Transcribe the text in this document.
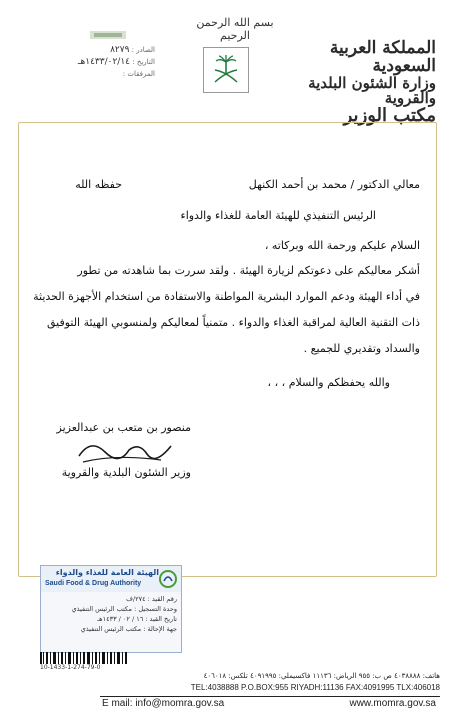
المملكة العربية السعودية
وزارة الشئون البلدية والقروية
مكتب الوزير
بسم الله الرحمن الرحيم
الصادر : ٨٢٧٩
التاريخ : ١٤٣٣/٠٢/١٤هـ
المرفقات :
معالي الدكتور / محمد بن أحمد الكنهل
حفظه الله
الرئيس التنفيذي للهيئة العامة للغذاء والدواء
السلام عليكم ورحمة الله وبركاته ،
أشكر معاليكم على دعوتكم لزيارة الهيئة . ولقد سررت بما شاهدته من تطور
في أداء الهيئة ودعم الموارد البشرية المواطنة والاستفادة من استخدام الأجهزة الحديثة
ذات التقنية العالية لمراقبة الغذاء والدواء . متمنياً لمعاليكم ولمنسوبي الهيئة التوفيق
والسداد وتقديري للجميع .
والله يحفظكم والسلام ، ، ،
منصور بن متعب بن عبدالعزيز
وزير الشئون البلدية والقروية
الهيئة العامة للغذاء والدواء
Saudi Food & Drug Authority
رقم القيد : ٢٧٤/ف
وحدة التسجيل : مكتب الرئيس التنفيذي
تاريخ القيد : ١٦ / ٠٢ / ١٤٣٣هـ
جهة الإحالة : مكتب الرئيس التنفيذي
10-1433-1-274-79-0
هاتف: ٤٠٣٨٨٨٨ ص ب: ٩٥٥ الرياض: ١١١٣٦ فاكسيملي: ٤٠٩١٩٩٥ تلكس: ٤٠٦٠١٨
TEL:4038888 P.O.BOX:955 RIYADH:11136 FAX:4091995 TLX:406018
E mail: info@momra.gov.sa	www.momra.gov.sa
